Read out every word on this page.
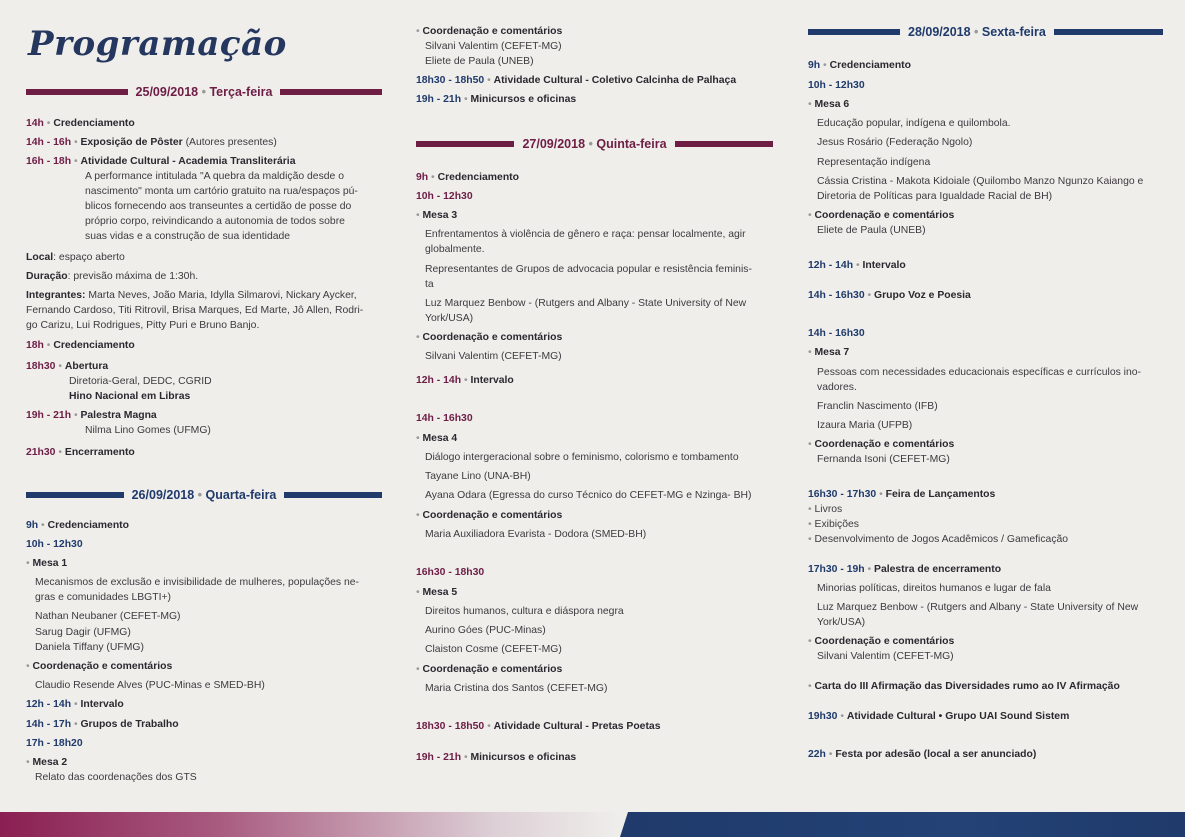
Programação
25/09/2018 • Terça-feira
14h • Credenciamento
14h - 16h • Exposição de Pôster (Autores presentes)
16h - 18h • Atividade Cultural - Academia Transliterária
A performance intitulada "A quebra da maldição desde o
nascimento" monta um cartório gratuito na rua/espaços pú-
blicos fornecendo aos transeuntes a certidão de posse do
próprio corpo, reivindicando a autonomia de todos sobre
suas vidas e a construção de sua identidade
Local: espaço aberto
Duração: previsão máxima de 1:30h.
Integrantes: Marta Neves, João Maria, Idylla Silmarovi, Nickary Aycker,
Fernando Cardoso, Titi Ritrovil, Brisa Marques, Ed Marte, Jô Allen, Rodri-
go Carizu, Lui Rodrigues, Pitty Puri e Bruno Banjo.
18h • Credenciamento
18h30 • Abertura
Diretoria-Geral, DEDC, CGRID
Hino Nacional em Libras
19h - 21h • Palestra Magna
Nilma Lino Gomes (UFMG)
21h30 • Encerramento
26/09/2018 • Quarta-feira
9h • Credenciamento
10h - 12h30
• Mesa 1
Mecanismos de exclusão e invisibilidade de mulheres, populações ne-
gras e comunidades LBGTI+)
Nathan Neubaner (CEFET-MG)
Sarug Dagir (UFMG)
Daniela Tiffany (UFMG)
• Coordenação e comentários
Claudio Resende Alves (PUC-Minas e SMED-BH)
12h - 14h • Intervalo
14h - 17h • Grupos de Trabalho
17h - 18h20
• Mesa 2
Relato das coordenações dos GTS
• Coordenação e comentários
Silvani Valentim (CEFET-MG)
Eliete de Paula (UNEB)
18h30 - 18h50 • Atividade Cultural - Coletivo Calcinha de Palhaça
19h - 21h • Minicursos e oficinas
27/09/2018 • Quinta-feira
9h • Credenciamento
10h - 12h30
• Mesa 3
Enfrentamentos à violência de gênero e raça: pensar localmente, agir
globalmente.
Representantes de Grupos de advocacia popular e resistência feminis-
ta
Luz Marquez Benbow - (Rutgers and Albany - State University of New
York/USA)
• Coordenação e comentários
Silvani Valentim (CEFET-MG)
12h - 14h • Intervalo
14h - 16h30
• Mesa 4
Diálogo intergeracional sobre o feminismo, colorismo e tombamento
Tayane Lino (UNA-BH)
Ayana Odara (Egressa do curso Técnico do CEFET-MG e Nzinga- BH)
• Coordenação e comentários
Maria Auxiliadora Evarista - Dodora (SMED-BH)
16h30 - 18h30
• Mesa 5
Direitos humanos, cultura e diáspora negra
Aurino Góes (PUC-Minas)
Claiston Cosme (CEFET-MG)
• Coordenação e comentários
Maria Cristina dos Santos (CEFET-MG)
18h30 - 18h50 • Atividade Cultural - Pretas Poetas
19h - 21h • Minicursos e oficinas
28/09/2018 • Sexta-feira
9h • Credenciamento
10h - 12h30
• Mesa 6
Educação popular, indígena e quilombola.
Jesus Rosário (Federação Ngolo)
Representação indígena
Cássia Cristina - Makota Kidoiale (Quilombo Manzo Ngunzo Kaiango e
Diretoria de Políticas para Igualdade Racial de BH)
• Coordenação e comentários
Eliete de Paula (UNEB)
12h - 14h • Intervalo
14h - 16h30 • Grupo Voz e Poesia
14h - 16h30
• Mesa 7
Pessoas com necessidades educacionais específicas e currículos ino-
vadores.
Franclin Nascimento (IFB)
Izaura Maria (UFPB)
• Coordenação e comentários
Fernanda Isoni (CEFET-MG)
16h30 - 17h30 • Feira de Lançamentos
• Livros
• Exibições
• Desenvolvimento de Jogos Acadêmicos / Gameficação
17h30 - 19h • Palestra de encerramento
Minorias políticas, direitos humanos e lugar de fala
Luz Marquez Benbow - (Rutgers and Albany - State University of New
York/USA)
• Coordenação e comentários
Silvani Valentim (CEFET-MG)
• Carta do III Afirmação das Diversidades rumo ao IV Afirmação
19h30 • Atividade Cultural • Grupo UAI Sound Sistem
22h • Festa por adesão (local a ser anunciado)
